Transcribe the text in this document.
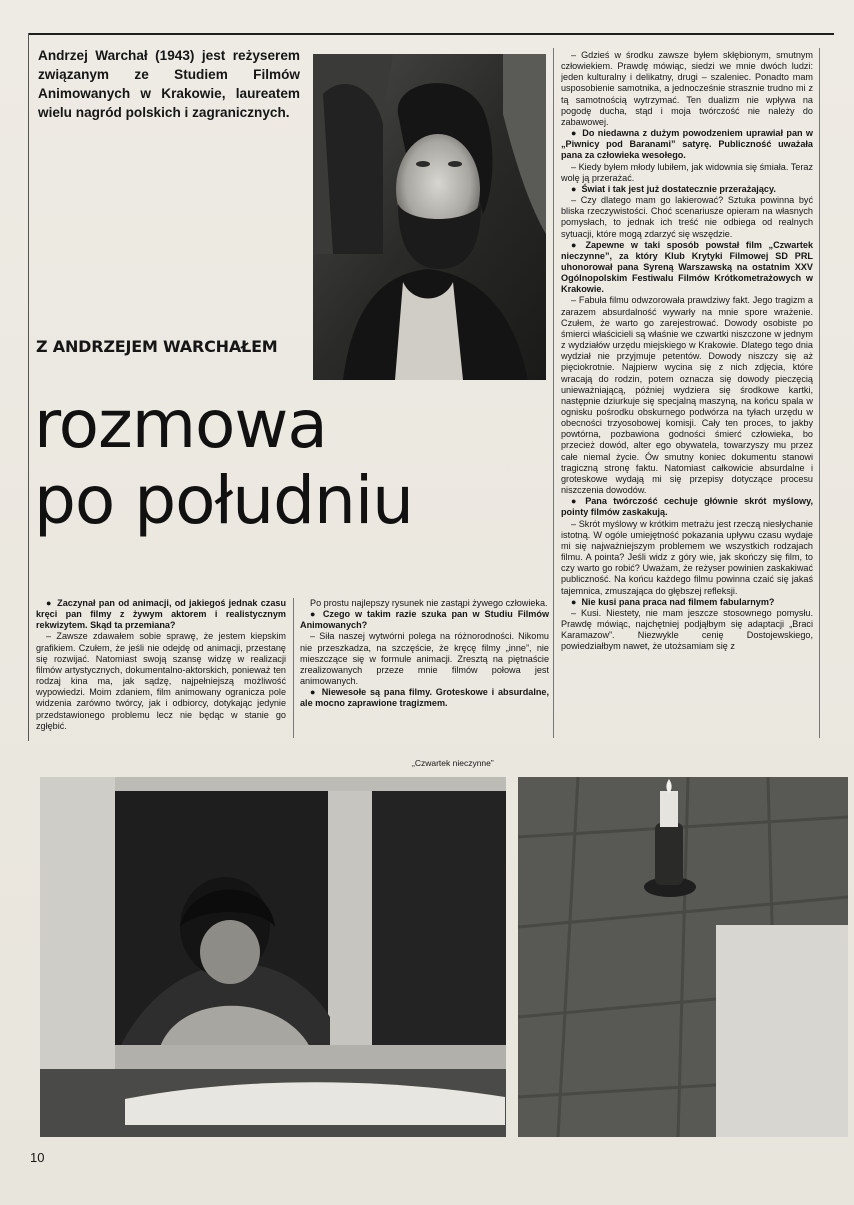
Andrzej Warchał (1943) jest reżyserem związanym ze Studiem Filmów Animowanych w Krakowie, laureatem wielu nagród polskich i zagranicznych.

Z ANDRZEJEM WARCHAŁEM

rozmowa
po południu

● Zaczynał pan od animacji, od jakiegoś jednak czasu kręci pan filmy z żywym aktorem i realistycznym rekwizytem. Skąd ta przemiana?

– Zawsze zdawałem sobie sprawę, że jestem kiepskim grafikiem. Czułem, że jeśli nie odejdę od animacji, przestanę się rozwijać. Natomiast swoją szansę widzę w realizacji filmów artystycznych, dokumentalno-aktorskich, ponieważ ten rodzaj kina ma, jak sądzę, najpełniejszą możliwość wypowiedzi. Moim zdaniem, film animowany ogranicza pole widzenia zarówno twórcy, jak i odbiorcy, dotykając jedynie przedstawionego problemu lecz nie będąc w stanie go zgłębić.

Po prostu najlepszy rysunek nie zastąpi żywego człowieka.

● Czego w takim razie szuka pan w Studiu Filmów Animowanych?

– Siła naszej wytwórni polega na różnorodności. Nikomu nie przeszkadza, na szczęście, że kręcę filmy „inne”, nie mieszczące się w formule animacji. Zresztą na piętnaście zrealizowanych przeze mnie filmów połowa jest animowanych.

● Niewesołe są pana filmy. Groteskowe i absurdalne, ale mocno zaprawione tragizmem.

– Gdzieś w środku zawsze byłem skłębionym, smutnym człowiekiem. Prawdę mówiąc, siedzi we mnie dwóch ludzi: jeden kulturalny i delikatny, drugi – szaleniec. Ponadto mam usposobienie samotnika, a jednocześnie strasznie trudno mi z tą samotnością wytrzymać. Ten dualizm nie wpływa na pogodę ducha, stąd i moja twórczość nie należy do zabawowej.

● Do niedawna z dużym powodzeniem uprawiał pan w „Piwnicy pod Baranami” satyrę. Publiczność uważała pana za człowieka wesołego.

– Kiedy byłem młody lubiłem, jak widownia się śmiała. Teraz wolę ją przerażać.

● Świat i tak jest już dostatecznie przerażający.

– Czy dlatego mam go lakierować? Sztuka powinna być bliska rzeczywistości. Choć scenariusze opieram na własnych pomysłach, to jednak ich treść nie odbiega od realnych sytuacji, które mogą zdarzyć się wszędzie.

● Zapewne w taki sposób powstał film „Czwartek nieczynne”, za który Klub Krytyki Filmowej SD PRL uhonorował pana Syreną Warszawską na ostatnim XXV Ogólnopolskim Festiwalu Filmów Krótkometrażowych w Krakowie.

– Fabuła filmu odwzorowała prawdziwy fakt. Jego tragizm a zarazem absurdalność wywarły na mnie spore wrażenie. Czułem, że warto go zarejestrować. Dowody osobiste po śmierci właścicieli są właśnie we czwartki niszczone w jednym z wydziałów urzędu miejskiego w Krakowie. Dlatego tego dnia wydział nie przyjmuje petentów. Dowody niszczy się aż pięciokrotnie. Najpierw wycina się z nich zdjęcia, które wracają do rodzin, potem oznacza się dowody pieczęcią unieważniającą, później wydziera się środkowe kartki, następnie dziurkuje się specjalną maszyną, na końcu spala w ognisku pośrodku obskurnego podwórza na tyłach urzędu w obecności trzyosobowej komisji. Cały ten proces, to jakby powtórna, pozbawiona godności śmierć człowieka, bo przecież dowód, alter ego obywatela, towarzyszy mu przez całe niemal życie. Ów smutny koniec dokumentu stanowi tragiczną stronę faktu. Natomiast całkowicie absurdalne i groteskowe wydają mi się przepisy dotyczące procesu niszczenia dowodów.

● Pana twórczość cechuje głównie skrót myślowy, pointy filmów zaskakują.

– Skrót myślowy w krótkim metrażu jest rzeczą niesłychanie istotną. W ogóle umiejętność pokazania upływu czasu wydaje mi się najważniejszym problemem we wszystkich rodzajach filmu. A pointa? Jeśli widz z góry wie, jak skończy się film, to czy warto go robić? Uważam, że reżyser powinien zaskakiwać publiczność. Na końcu każdego filmu powinna czaić się jakaś tajemnica, zmuszająca do głębszej refleksji.

● Nie kusi pana praca nad filmem fabularnym?

– Kusi. Niestety, nie mam jeszcze stosownego pomysłu. Prawdę mówiąc, najchętniej podjąłbym się adaptacji „Braci Karamazow”. Niezwykle cenię Dostojewskiego, powiedziałbym nawet, że utożsamiam się z

„Czwartek nieczynne”

10
